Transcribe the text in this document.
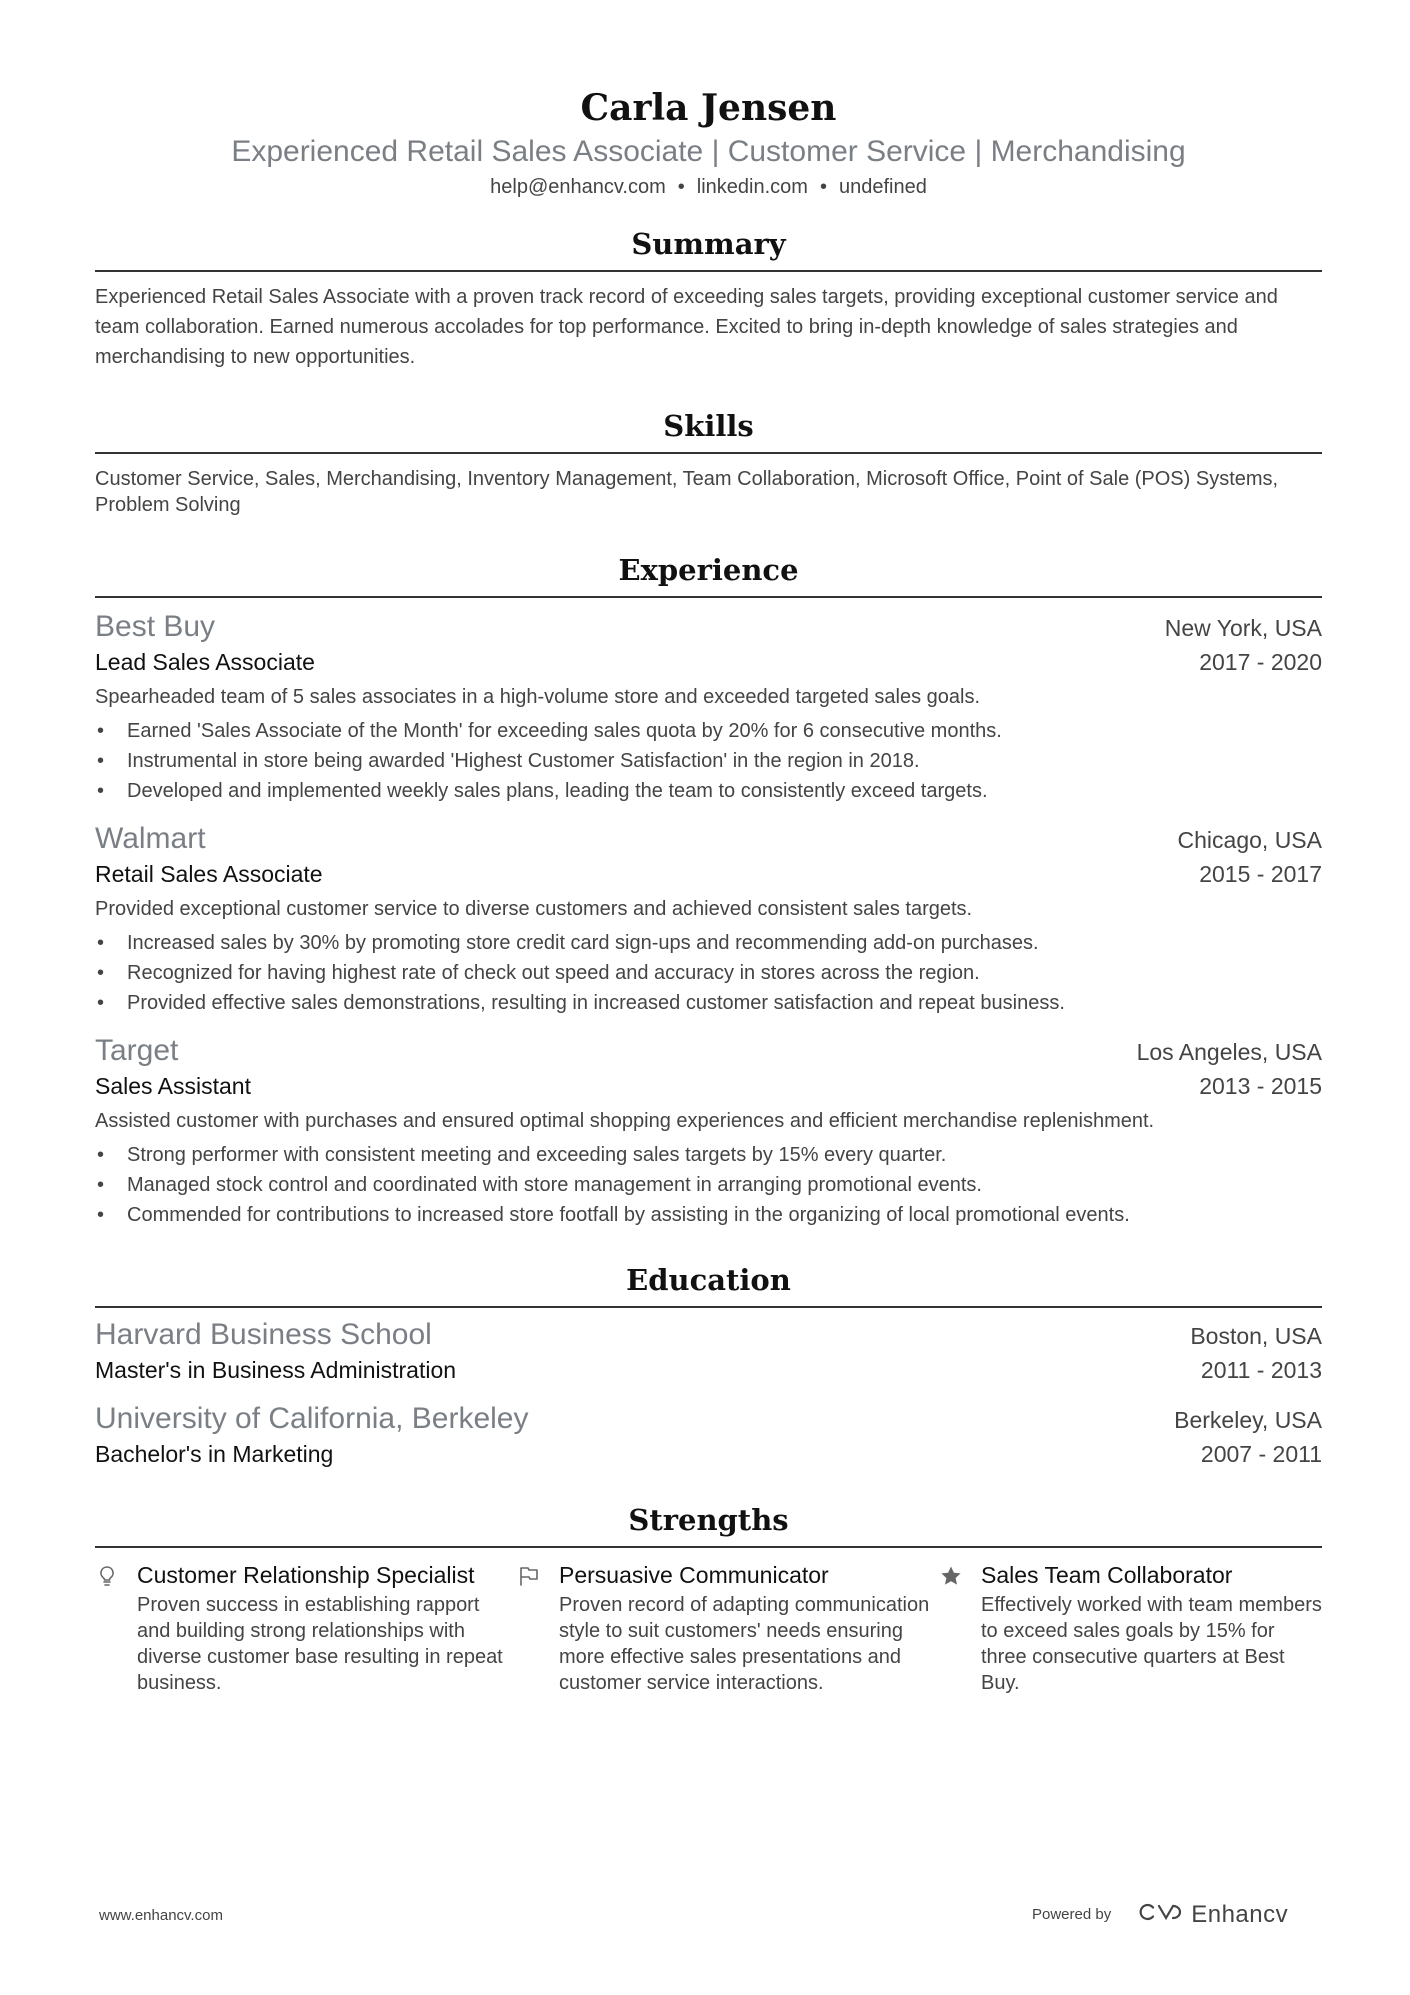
Carla Jensen
Experienced Retail Sales Associate | Customer Service | Merchandising
help@enhancv.com • linkedin.com • undefined
Summary
Experienced Retail Sales Associate with a proven track record of exceeding sales targets, providing exceptional customer service and team collaboration. Earned numerous accolades for top performance. Excited to bring in-depth knowledge of sales strategies and merchandising to new opportunities.
Skills
Customer Service, Sales, Merchandising, Inventory Management, Team Collaboration, Microsoft Office, Point of Sale (POS) Systems, Problem Solving
Experience
Best Buy	New York, USA
Lead Sales Associate	2017 - 2020
Spearheaded team of 5 sales associates in a high-volume store and exceeded targeted sales goals.
• Earned 'Sales Associate of the Month' for exceeding sales quota by 20% for 6 consecutive months.
• Instrumental in store being awarded 'Highest Customer Satisfaction' in the region in 2018.
• Developed and implemented weekly sales plans, leading the team to consistently exceed targets.
Walmart	Chicago, USA
Retail Sales Associate	2015 - 2017
Provided exceptional customer service to diverse customers and achieved consistent sales targets.
• Increased sales by 30% by promoting store credit card sign-ups and recommending add-on purchases.
• Recognized for having highest rate of check out speed and accuracy in stores across the region.
• Provided effective sales demonstrations, resulting in increased customer satisfaction and repeat business.
Target	Los Angeles, USA
Sales Assistant	2013 - 2015
Assisted customer with purchases and ensured optimal shopping experiences and efficient merchandise replenishment.
• Strong performer with consistent meeting and exceeding sales targets by 15% every quarter.
• Managed stock control and coordinated with store management in arranging promotional events.
• Commended for contributions to increased store footfall by assisting in the organizing of local promotional events.
Education
Harvard Business School	Boston, USA
Master's in Business Administration	2011 - 2013
University of California, Berkeley	Berkeley, USA
Bachelor's in Marketing	2007 - 2011
Strengths
Customer Relationship Specialist
Proven success in establishing rapport and building strong relationships with diverse customer base resulting in repeat business.
Persuasive Communicator
Proven record of adapting communication style to suit customers' needs ensuring more effective sales presentations and customer service interactions.
Sales Team Collaborator
Effectively worked with team members to exceed sales goals by 15% for three consecutive quarters at Best Buy.
www.enhancv.com	Powered by	Enhancv
